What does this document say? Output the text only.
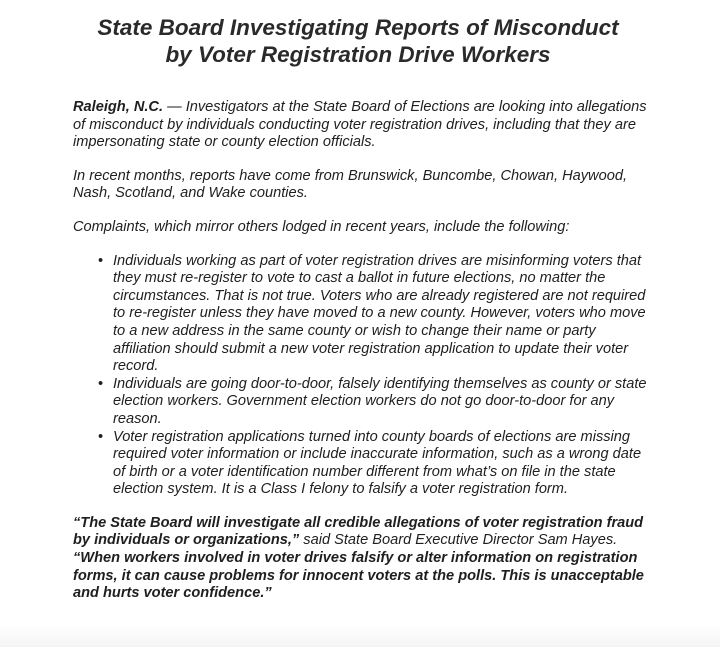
State Board Investigating Reports of Misconduct
by Voter Registration Drive Workers

Raleigh, N.C. — Investigators at the State Board of Elections are looking into allegations of misconduct by individuals conducting voter registration drives, including that they are impersonating state or county election officials.

In recent months, reports have come from Brunswick, Buncombe, Chowan, Haywood, Nash, Scotland, and Wake counties.

Complaints, which mirror others lodged in recent years, include the following:

• Individuals working as part of voter registration drives are misinforming voters that they must re-register to vote to cast a ballot in future elections, no matter the circumstances. That is not true. Voters who are already registered are not required to re-register unless they have moved to a new county. However, voters who move to a new address in the same county or wish to change their name or party affiliation should submit a new voter registration application to update their voter record.
• Individuals are going door-to-door, falsely identifying themselves as county or state election workers. Government election workers do not go door-to-door for any reason.
• Voter registration applications turned into county boards of elections are missing required voter information or include inaccurate information, such as a wrong date of birth or a voter identification number different from what’s on file in the state election system. It is a Class I felony to falsify a voter registration form.

“The State Board will investigate all credible allegations of voter registration fraud by individuals or organizations,” said State Board Executive Director Sam Hayes. “When workers involved in voter drives falsify or alter information on registration forms, it can cause problems for innocent voters at the polls. This is unacceptable and hurts voter confidence.”
